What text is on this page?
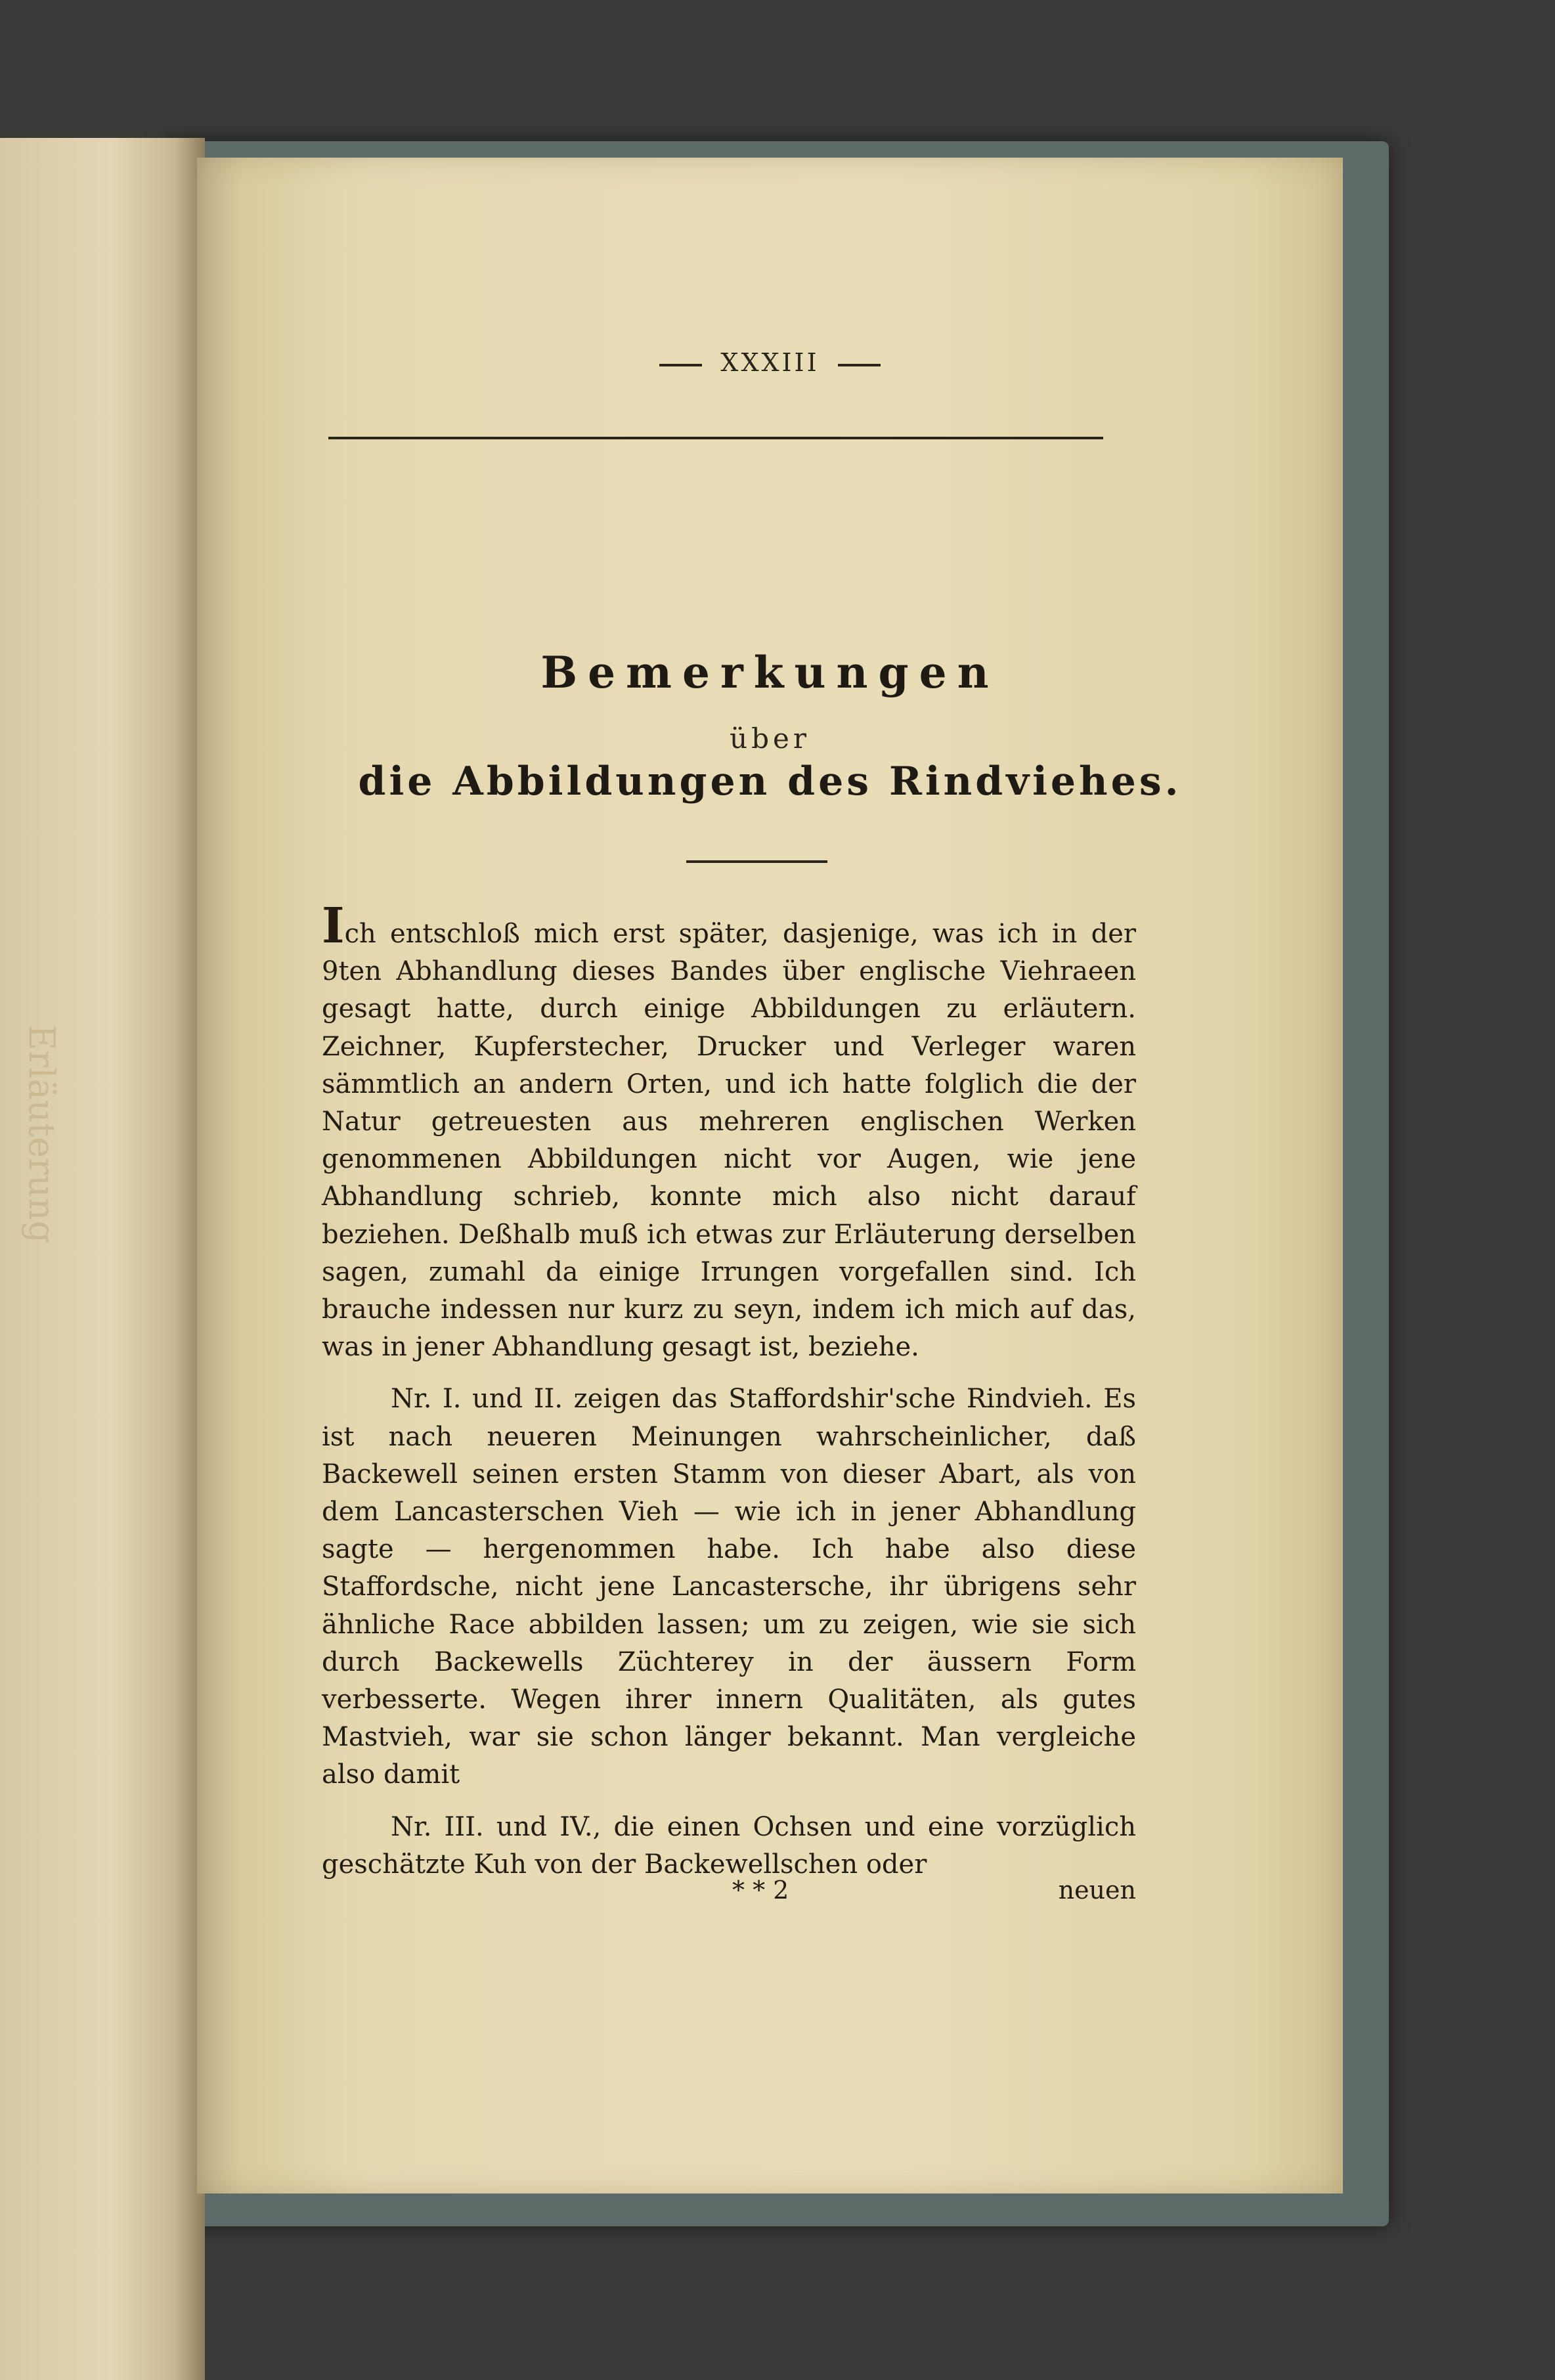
Erläuterung
XXXIII
Bemerkungen
über
die Abbildungen des Rindviehes.

Ich entschloß mich erst später, dasjenige, was ich in der 9ten Abhandlung dieses Bandes über englische Viehraeen gesagt hatte, durch einige Abbildungen zu erläutern. Zeichner, Kupferstecher, Drucker und Verleger waren sämmtlich an andern Orten, und ich hatte folglich die der Natur getreuesten aus mehreren englischen Werken genommenen Abbildungen nicht vor Augen, wie jene Abhandlung schrieb, konnte mich also nicht darauf beziehen. Deßhalb muß ich etwas zur Erläuterung derselben sagen, zumahl da einige Irrungen vorgefallen sind. Ich brauche indessen nur kurz zu seyn, indem ich mich auf das, was in jener Abhandlung gesagt ist, beziehe.

Nr. I. und II. zeigen das Staffordshir'sche Rindvieh. Es ist nach neueren Meinungen wahrscheinlicher, daß Backewell seinen ersten Stamm von dieser Abart, als von dem Lancasterschen Vieh — wie ich in jener Abhandlung sagte — hergenommen habe. Ich habe also diese Staffordsche, nicht jene Lancastersche, ihr übrigens sehr ähnliche Race abbilden lassen; um zu zeigen, wie sie sich durch Backewells Züchterey in der äussern Form verbesserte. Wegen ihrer innern Qualitäten, als gutes Mastvieh, war sie schon länger bekannt. Man vergleiche also damit

Nr. III. und IV., die einen Ochsen und eine vorzüglich geschätzte Kuh von der Backewellschen oder

* * 2	neuen
